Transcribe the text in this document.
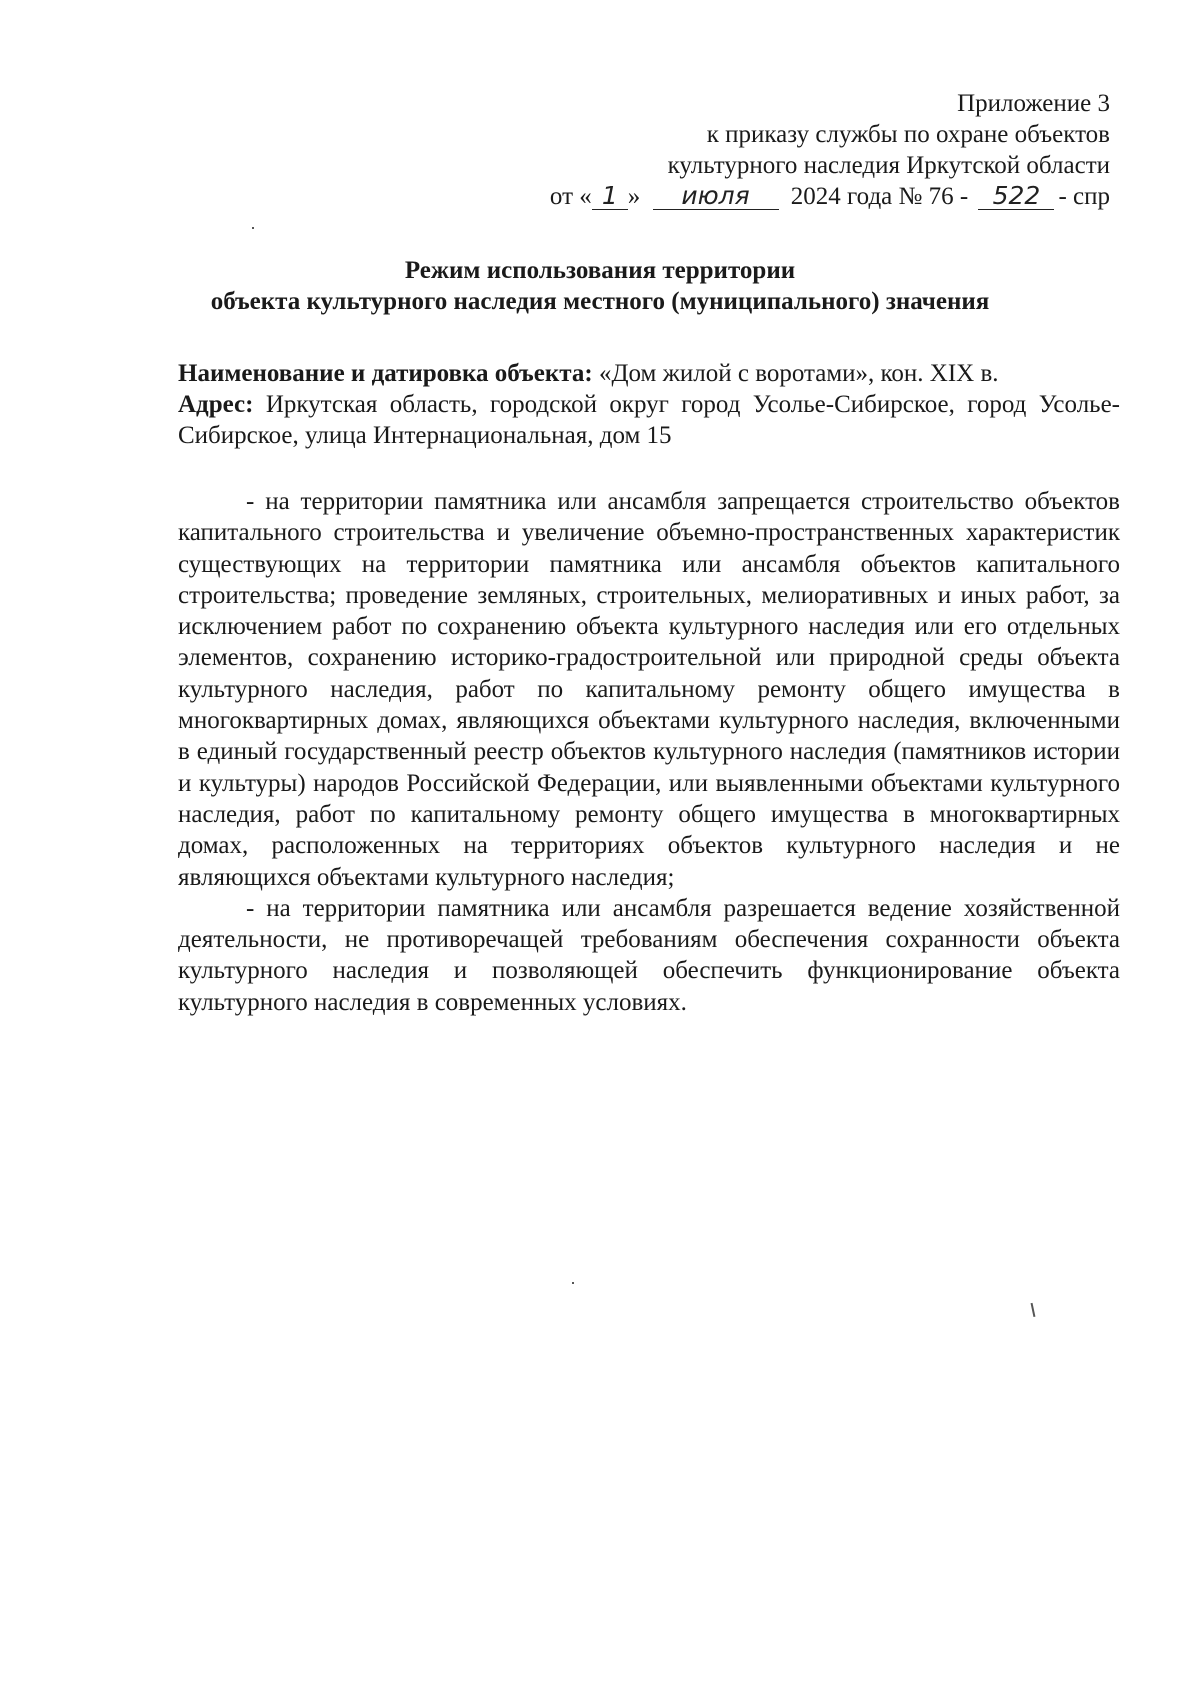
Приложение 3
к приказу службы по охране объектов
культурного наследия Иркутской области
от « 1 » июля 2024 года № 76 - 522 - спр
Режим использования территории
объекта культурного наследия местного (муниципального) значения

Наименование и датировка объекта: «Дом жилой с воротами», кон. XIX в.

Адрес: Иркутская область, городской округ город Усолье-Сибирское, город Усолье-Сибирское, улица Интернациональная, дом 15

- на территории памятника или ансамбля запрещается строительство объектов капитального строительства и увеличение объемно-пространственных характеристик существующих на территории памятника или ансамбля объектов капитального строительства; проведение земляных, строительных, мелиоративных и иных работ, за исключением работ по сохранению объекта культурного наследия или его отдельных элементов, сохранению историко-градостроительной или природной среды объекта культурного наследия, работ по капитальному ремонту общего имущества в многоквартирных домах, являющихся объектами культурного наследия, включенными в единый государственный реестр объектов культурного наследия (памятников истории и культуры) народов Российской Федерации, или выявленными объектами культурного наследия, работ по капитальному ремонту общего имущества в многоквартирных домах, расположенных на территориях объектов культурного наследия и не являющихся объектами культурного наследия;

- на территории памятника или ансамбля разрешается ведение хозяйственной деятельности, не противоречащей требованиям обеспечения сохранности объекта культурного наследия и позволяющей обеспечить функционирование объекта культурного наследия в современных условиях.
